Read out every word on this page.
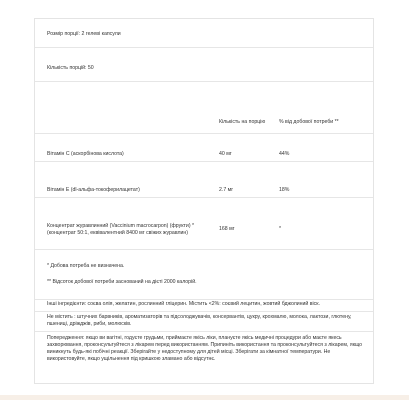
Розмір порції: 2 гелеві капсули
Кількість порцій: 50
Кількість на порцію	% від добової потреби **
Вітамін C (аскорбінова кислота)	40 мг	44%
Вітамін E (dl-альфа-токоферилацетат)	2.7 мг	18%
Концентрат журавлинний (Vaccinium macrocarpon) (фрукти) *
(концентрат 50:1, еквівалентний 8400 мг свіжих журавлин)
168 мг	*
* Добова потреба не визначена.
** Відсоток добової потреби заснований на дієті 2000 калорій.
Інші інгредієнти: соєва олія, желатин, рослинний гліцерин. Містить <2%: соєвий лецитин, жовтий бджолиний віск.
Не містить : штучних барвників, ароматизаторів та підсолоджувачів, консервантів, цукру, крохмалю, молока, лактози, глютену, пшениці, дріжджів, риби, молюсків.
Попередження: якщо ви вагітні, годуєте грудьми, приймаєте якісь ліки, плануєте якісь медичні процедури або маєте якесь захворювання, проконсультуйтеся з лікарем перед використанням. Припиніть використання та проконсультуйтеся з лікарем, якщо виникнуть будь-які побічні реакції. Зберігайте у недоступному для дітей місці. Зберігати за кімнатної температури. Не використовуйте, якщо ущільнення під кришкою зламано або відсутнє.
